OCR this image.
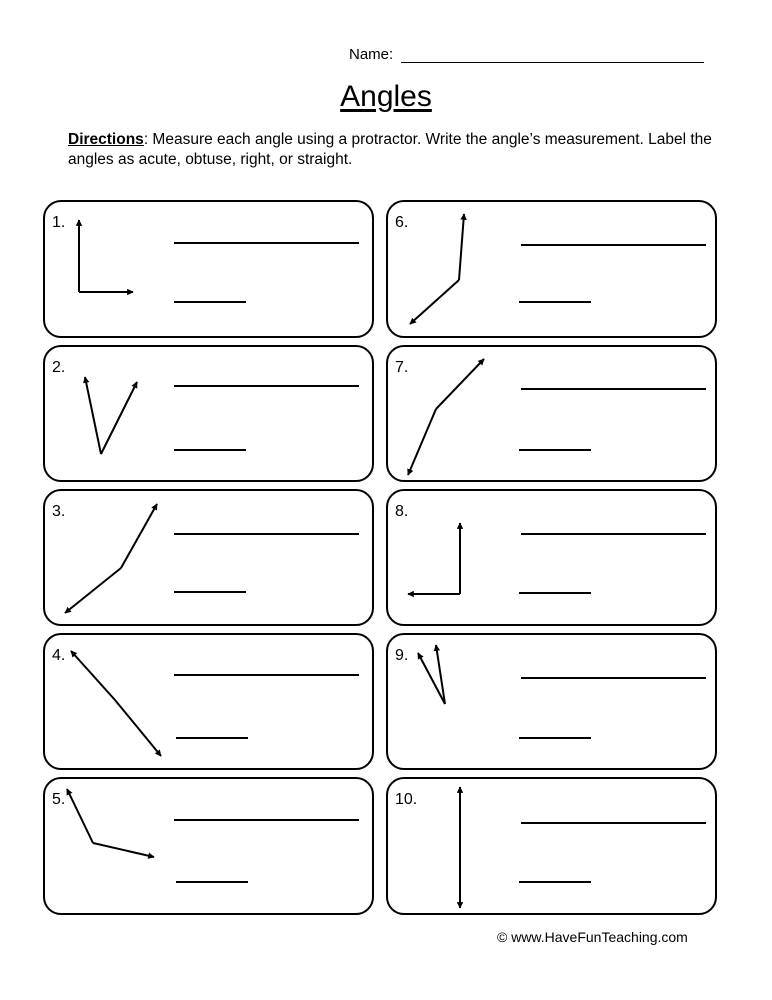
Name:
Angles
Directions: Measure each angle using a protractor. Write the angle’s measurement. Label the angles as acute, obtuse, right, or straight.
1.
2.
3.
4.
5.
6.
7.
8.
9.
10.
© www.HaveFunTeaching.com
